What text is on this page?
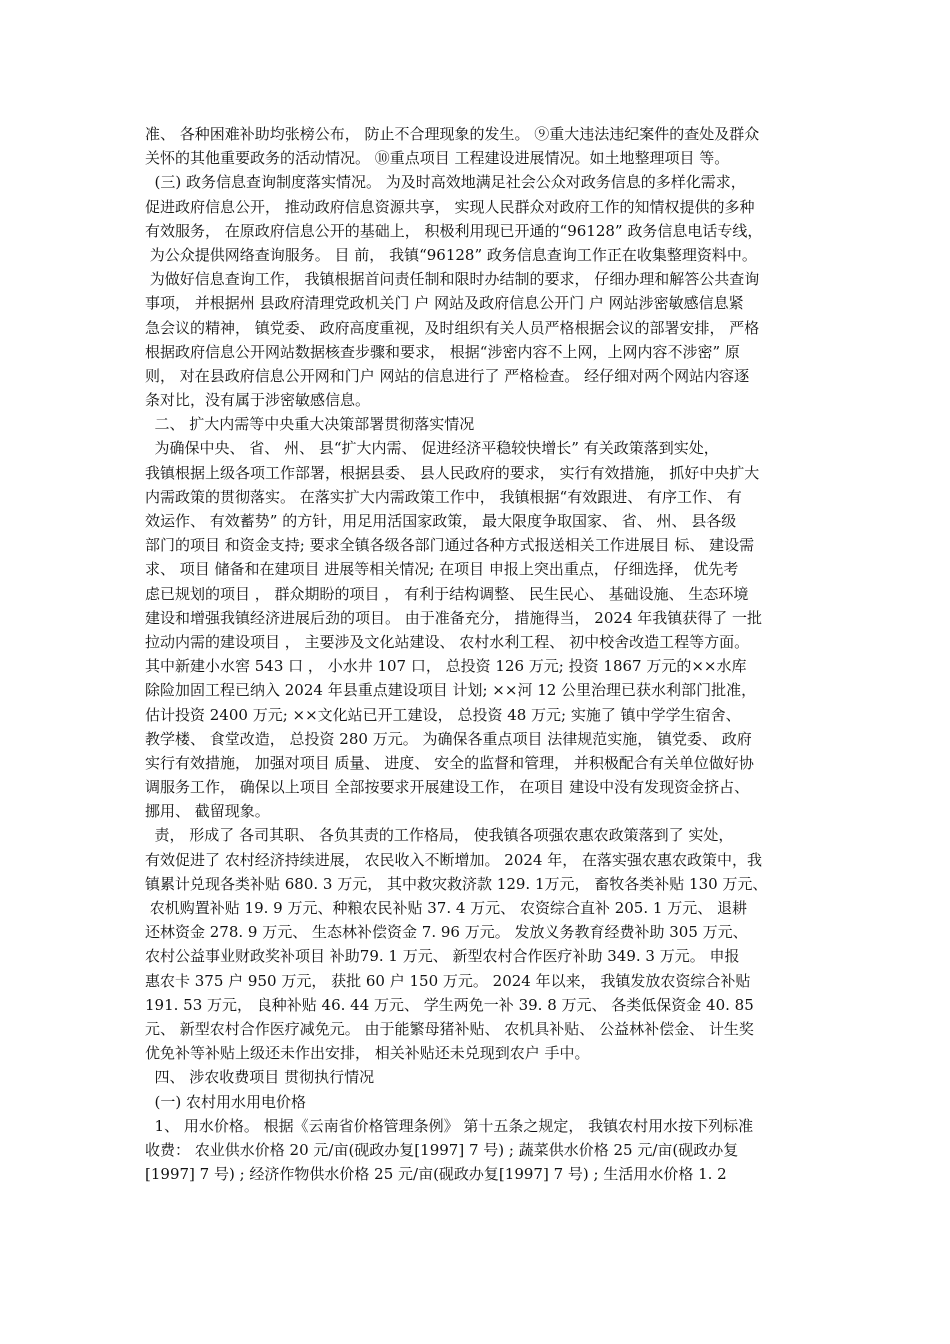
准、 各种困难补助均张榜公布， 防止不合理现象的发生。 ⑨重大违法违纪案件的查处及群众
关怀的其他重要政务的活动情况。 ⑩重点项目 工程建设进展情况。如土地整理项目 等。
(三) 政务信息查询制度落实情况。 为及时高效地满足社会公众对政务信息的多样化需求，
促进政府信息公开， 推动政府信息资源共享， 实现人民群众对政府工作的知情权提供的多种
有效服务， 在原政府信息公开的基础上， 积极利用现已开通的“96128” 政务信息电话专线，
为公众提供网络查询服务。 目 前， 我镇“96128” 政务信息查询工作正在收集整理资料中。
为做好信息查询工作， 我镇根据首问责任制和限时办结制的要求， 仔细办理和解答公共查询
事项， 并根据州 县政府清理党政机关门 户 网站及政府信息公开门 户 网站涉密敏感信息紧
急会议的精神， 镇党委、 政府高度重视，及时组织有关人员严格根据会议的部署安排， 严格
根据政府信息公开网站数据核查步骤和要求， 根据“涉密内容不上网，上网内容不涉密” 原
则， 对在县政府信息公开网和门户 网站的信息进行了 严格检查。 经仔细对两个网站内容逐
条对比，没有属于涉密敏感信息。
二、 扩大内需等中央重大决策部署贯彻落实情况
为确保中央、 省、 州、 县“扩大内需、 促进经济平稳较快增长” 有关政策落到实处，
我镇根据上级各项工作部署，根据县委、 县人民政府的要求， 实行有效措施， 抓好中央扩大
内需政策的贯彻落实。 在落实扩大内需政策工作中， 我镇根据“有效跟进、 有序工作、 有
效运作、 有效蓄势” 的方针，用足用活国家政策， 最大限度争取国家、 省、 州、 县各级
部门的项目 和资金支持; 要求全镇各级各部门通过各种方式报送相关工作进展目 标、 建设需
求、 项目 储备和在建项目 进展等相关情况; 在项目 申报上突出重点， 仔细选择， 优先考
虑已规划的项目 ， 群众期盼的项目 ， 有利于结构调整、 民生民心、 基础设施、 生态环境
建设和增强我镇经济进展后劲的项目。 由于准备充分， 措施得当， 2024 年我镇获得了 一批
拉动内需的建设项目 ， 主要涉及文化站建设、 农村水利工程、 初中校舍改造工程等方面。
其中新建小水窖 543 口 ， 小水井 107 口， 总投资 126 万元; 投资 1867 万元的××水库
除险加固工程已纳入 2024 年县重点建设项目 计划; ××河 12 公里治理已获水利部门批准，
估计投资 2400 万元; ××文化站已开工建设， 总投资 48 万元; 实施了 镇中学学生宿舍、
教学楼、 食堂改造， 总投资 280 万元。 为确保各重点项目 法律规范实施， 镇党委、 政府
实行有效措施， 加强对项目 质量、 进度、 安全的监督和管理， 并积极配合有关单位做好协
调服务工作， 确保以上项目 全部按要求开展建设工作， 在项目 建设中没有发现资金挤占、
挪用、 截留现象。
责， 形成了 各司其职、 各负其责的工作格局， 使我镇各项强农惠农政策落到了 实处，
有效促进了 农村经济持续进展， 农民收入不断增加。 2024 年， 在落实强农惠农政策中，我
镇累计兑现各类补贴 680. 3 万元， 其中救灾救济款 129. 1万元， 畜牧各类补贴 130 万元、
农机购置补贴 19. 9 万元、种粮农民补贴 37. 4 万元、 农资综合直补 205. 1 万元、 退耕
还林资金 278. 9 万元、 生态林补偿资金 7. 96 万元。 发放义务教育经费补助 305 万元、
农村公益事业财政奖补项目 补助79. 1 万元、 新型农村合作医疗补助 349. 3 万元。 申报
惠农卡 375 户 950 万元， 获批 60 户 150 万元。 2024 年以来， 我镇发放农资综合补贴
191. 53 万元， 良种补贴 46. 44 万元、 学生两免一补 39. 8 万元、 各类低保资金 40. 85
元、 新型农村合作医疗减免元。 由于能繁母猪补贴、 农机具补贴、 公益林补偿金、 计生奖
优免补等补贴上级还未作出安排， 相关补贴还未兑现到农户 手中。
四、 涉农收费项目 贯彻执行情况
(一) 农村用水用电价格
1、 用水价格。 根据《云南省价格管理条例》 第十五条之规定， 我镇农村用水按下列标准
收费： 农业供水价格 20 元/亩(砚政办复[1997] 7 号) ; 蔬菜供水价格 25 元/亩(砚政办复
[1997] 7 号) ; 经济作物供水价格 25 元/亩(砚政办复[1997] 7 号) ; 生活用水价格 1. 2
